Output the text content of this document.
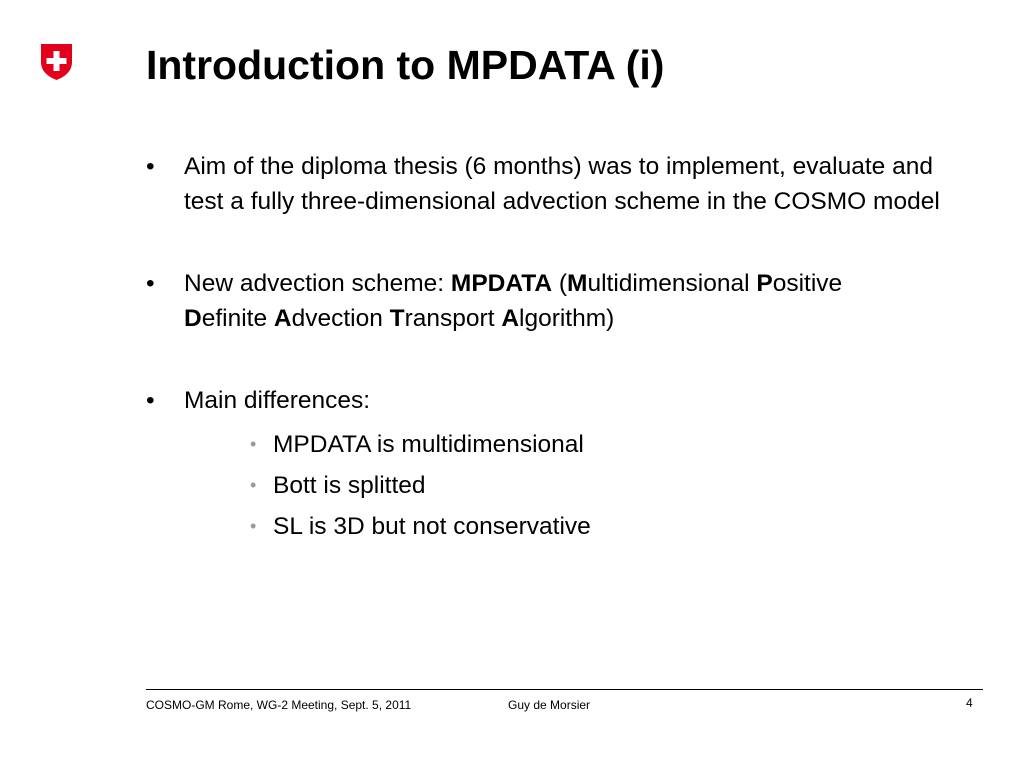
Introduction to MPDATA (i)
• Aim of the diploma thesis (6 months) was to implement, evaluate and test a fully three-dimensional advection scheme in the COSMO model
• New advection scheme: MPDATA (Multidimensional Positive
Definite Advection Transport Algorithm)
• Main differences:
• MPDATA is multidimensional
• Bott is splitted
• SL is 3D but not conservative
COSMO-GM Rome, WG-2 Meeting, Sept. 5, 2011	Guy de Morsier	4
